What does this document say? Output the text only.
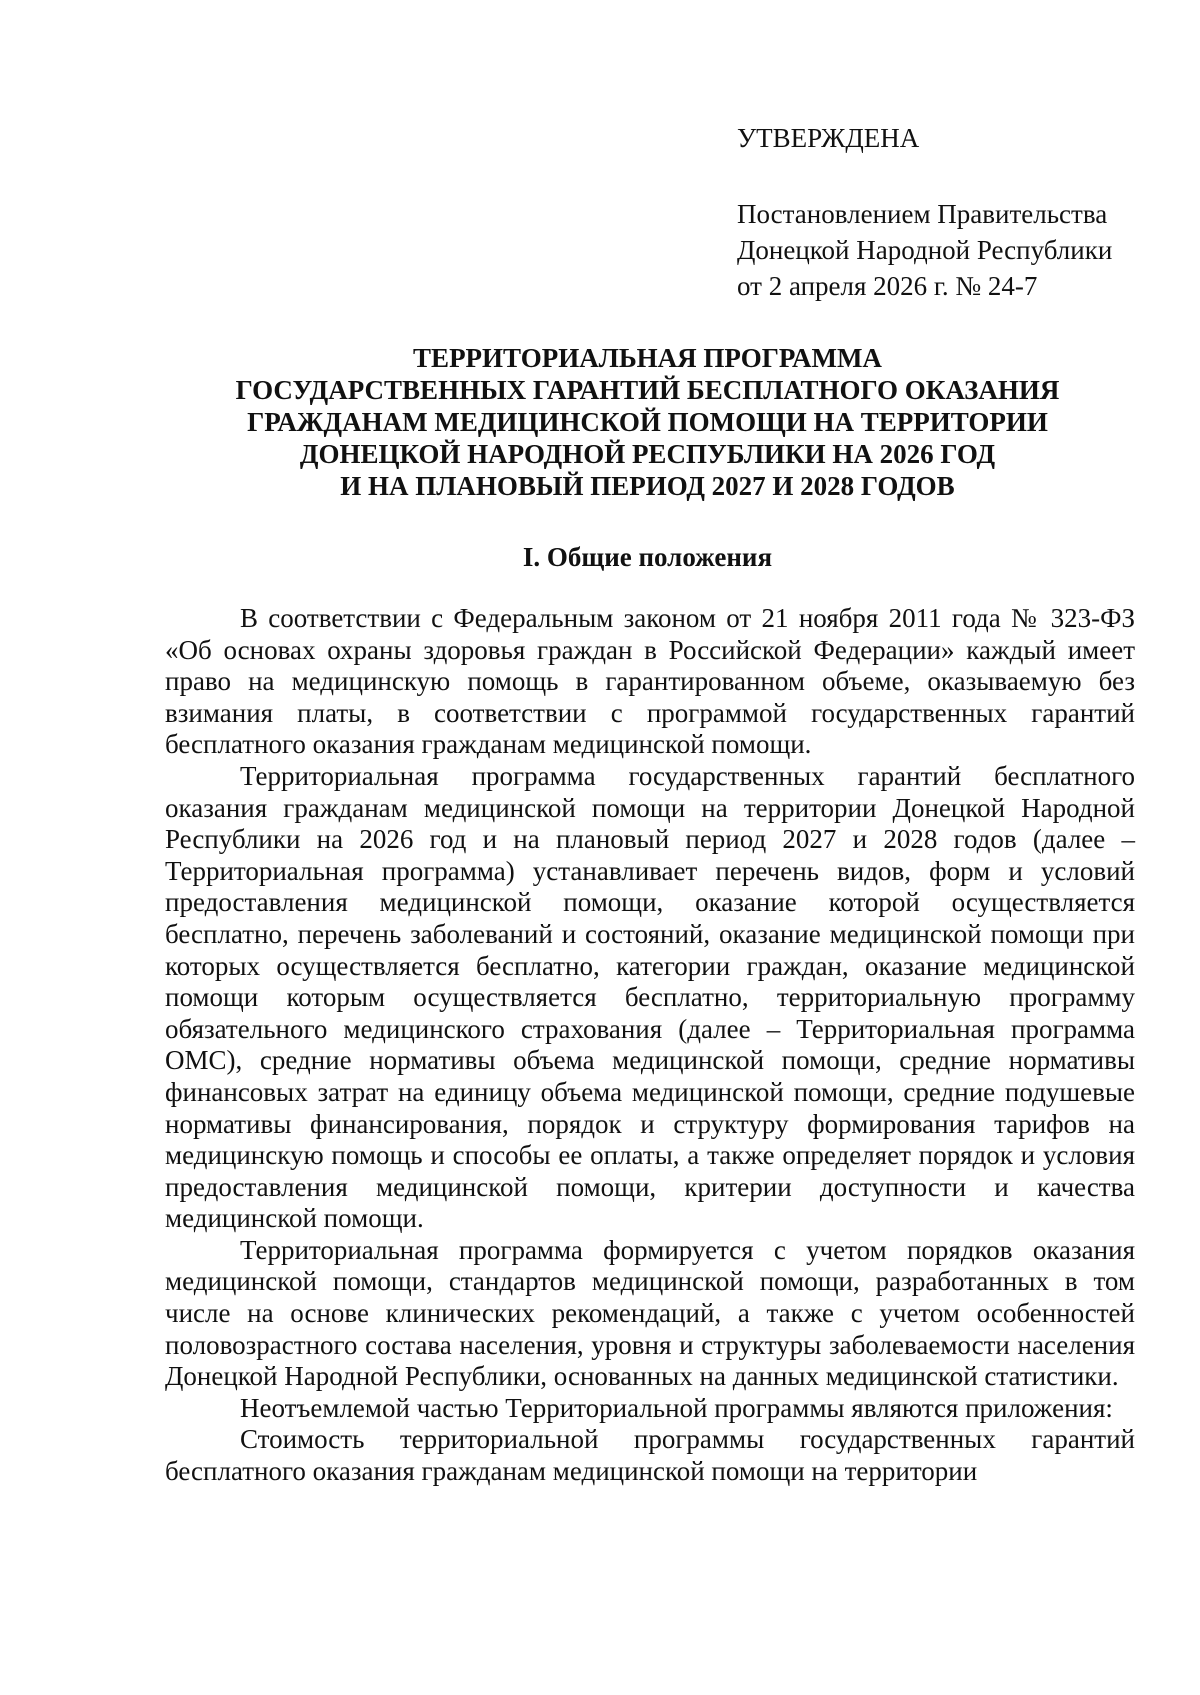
УТВЕРЖДЕНА

Постановлением Правительства

Донецкой Народной Республики

от 2 апреля 2026 г. № 24-7

ТЕРРИТОРИАЛЬНАЯ ПРОГРАММА

ГОСУДАРСТВЕННЫХ ГАРАНТИЙ БЕСПЛАТНОГО ОКАЗАНИЯ

ГРАЖДАНАМ МЕДИЦИНСКОЙ ПОМОЩИ НА ТЕРРИТОРИИ

ДОНЕЦКОЙ НАРОДНОЙ РЕСПУБЛИКИ НА 2026 ГОД

И НА ПЛАНОВЫЙ ПЕРИОД 2027 И 2028 ГОДОВ

I. Общие положения

В соответствии с Федеральным законом от 21 ноября 2011 года № 323-ФЗ «Об основах охраны здоровья граждан в Российской Федерации» каждый имеет право на медицинскую помощь в гарантированном объеме, оказываемую без взимания платы, в соответствии с программой государственных гарантий бесплатного оказания гражданам медицинской помощи.

Территориальная программа государственных гарантий бесплатного оказания гражданам медицинской помощи на территории Донецкой Народной Республики на 2026 год и на плановый период 2027 и 2028 годов (далее – Территориальная программа) устанавливает перечень видов, форм и условий предоставления медицинской помощи, оказание которой осуществляется бесплатно, перечень заболеваний и состояний, оказание медицинской помощи при которых осуществляется бесплатно, категории граждан, оказание медицинской помощи которым осуществляется бесплатно, территориальную программу обязательного медицинского страхования (далее – Территориальная программа ОМС), средние нормативы объема медицинской помощи, средние нормативы финансовых затрат на единицу объема медицинской помощи, средние подушевые нормативы финансирования, порядок и структуру формирования тарифов на медицинскую помощь и способы ее оплаты, а также определяет порядок и условия предоставления медицинской помощи, критерии доступности и качества медицинской помощи.

Территориальная программа формируется с учетом порядков оказания медицинской помощи, стандартов медицинской помощи, разработанных в том числе на основе клинических рекомендаций, а также с учетом особенностей половозрастного состава населения, уровня и структуры заболеваемости населения Донецкой Народной Республики, основанных на данных медицинской статистики.

Неотъемлемой частью Территориальной программы являются приложения:

Стоимость территориальной программы государственных гарантий бесплатного оказания гражданам медицинской помощи на территории
